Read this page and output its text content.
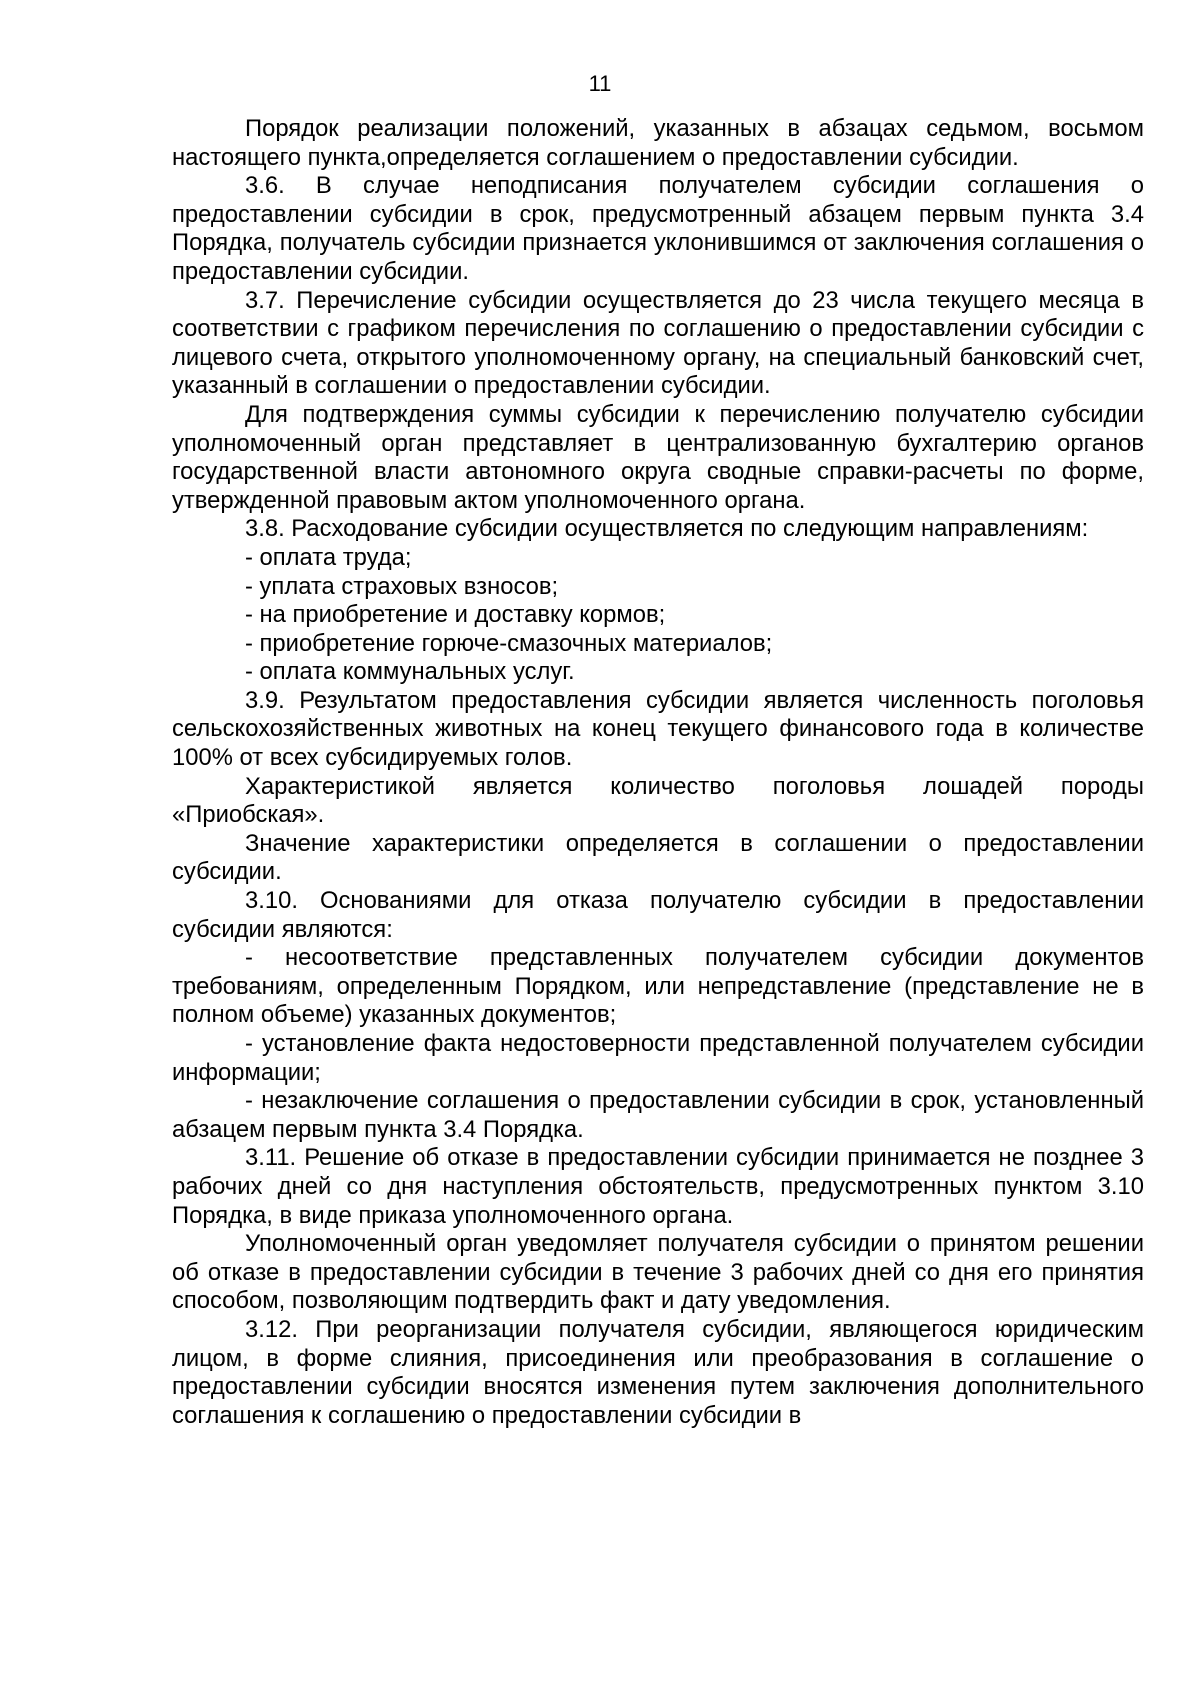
11

Порядок реализации положений, указанных в абзацах седьмом, восьмом настоящего пункта,определяется соглашением о предоставлении субсидии.

3.6. В случае неподписания получателем субсидии соглашения о предоставлении субсидии в срок, предусмотренный абзацем первым пункта 3.4 Порядка, получатель субсидии признается уклонившимся от заключения соглашения о предоставлении субсидии.

3.7. Перечисление субсидии осуществляется до 23 числа текущего месяца в соответствии с графиком перечисления по соглашению о предоставлении субсидии с лицевого счета, открытого уполномоченному органу, на специальный банковский счет, указанный в соглашении о предоставлении субсидии.

Для подтверждения суммы субсидии к перечислению получателю субсидии уполномоченный орган представляет в централизованную бухгалтерию органов государственной власти автономного округа сводные справки-расчеты по форме, утвержденной правовым актом уполномоченного органа.

3.8. Расходование субсидии осуществляется по следующим направлениям:

- оплата труда;

- уплата страховых взносов;

- на приобретение и доставку кормов;

- приобретение горюче-смазочных материалов;

- оплата коммунальных услуг.

3.9. Результатом предоставления субсидии является численность поголовья сельскохозяйственных животных на конец текущего финансового года в количестве 100% от всех субсидируемых голов.

Характеристикой является количество поголовья лошадей породы «Приобская».

Значение характеристики определяется в соглашении о предоставлении субсидии.

3.10. Основаниями для отказа получателю субсидии в предоставлении субсидии являются:

- несоответствие представленных получателем субсидии документов требованиям, определенным Порядком, или непредставление (представление не в полном объеме) указанных документов;

- установление факта недостоверности представленной получателем субсидии информации;

- незаключение соглашения о предоставлении субсидии в срок, установленный абзацем первым пункта 3.4 Порядка.

3.11. Решение об отказе в предоставлении субсидии принимается не позднее 3 рабочих дней со дня наступления обстоятельств, предусмотренных пунктом 3.10 Порядка, в виде приказа уполномоченного органа.

Уполномоченный орган уведомляет получателя субсидии о принятом решении об отказе в предоставлении субсидии в течение 3 рабочих дней со дня его принятия способом, позволяющим подтвердить факт и дату уведомления.

3.12. При реорганизации получателя субсидии, являющегося юридическим лицом, в форме слияния, присоединения или преобразования в соглашение о предоставлении субсидии вносятся изменения путем заключения дополнительного соглашения к соглашению о предоставлении субсидии в
